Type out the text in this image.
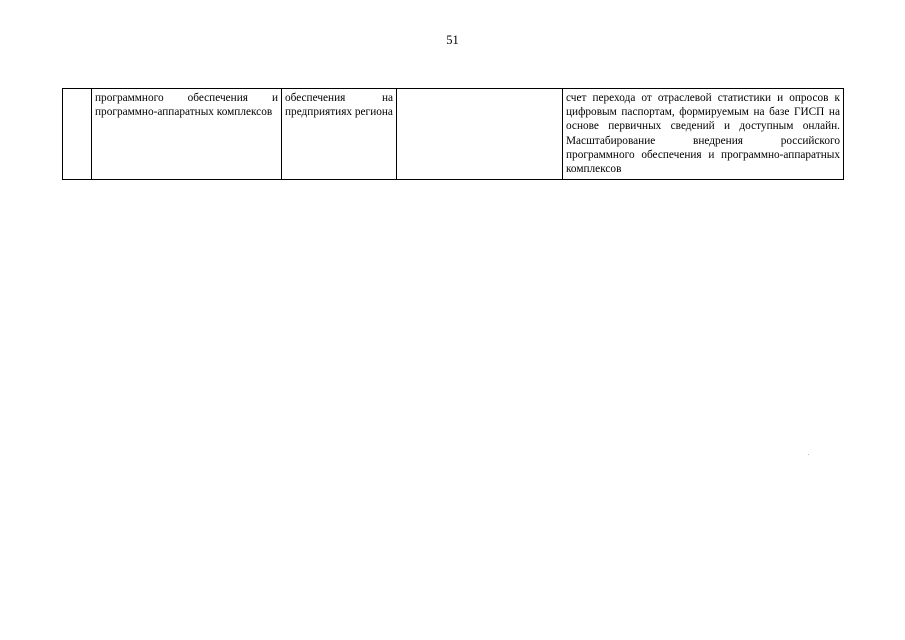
51
	программного обеспечения и программно-аппаратных комплексов	обеспечения на предприятиях региона		счет перехода от отраслевой статистики и опросов к цифровым паспортам, формируемым на базе ГИСП на основе первичных сведений и доступным онлайн. Масштабирование внедрения российского программного обеспечения и программно-аппаратных комплексов
